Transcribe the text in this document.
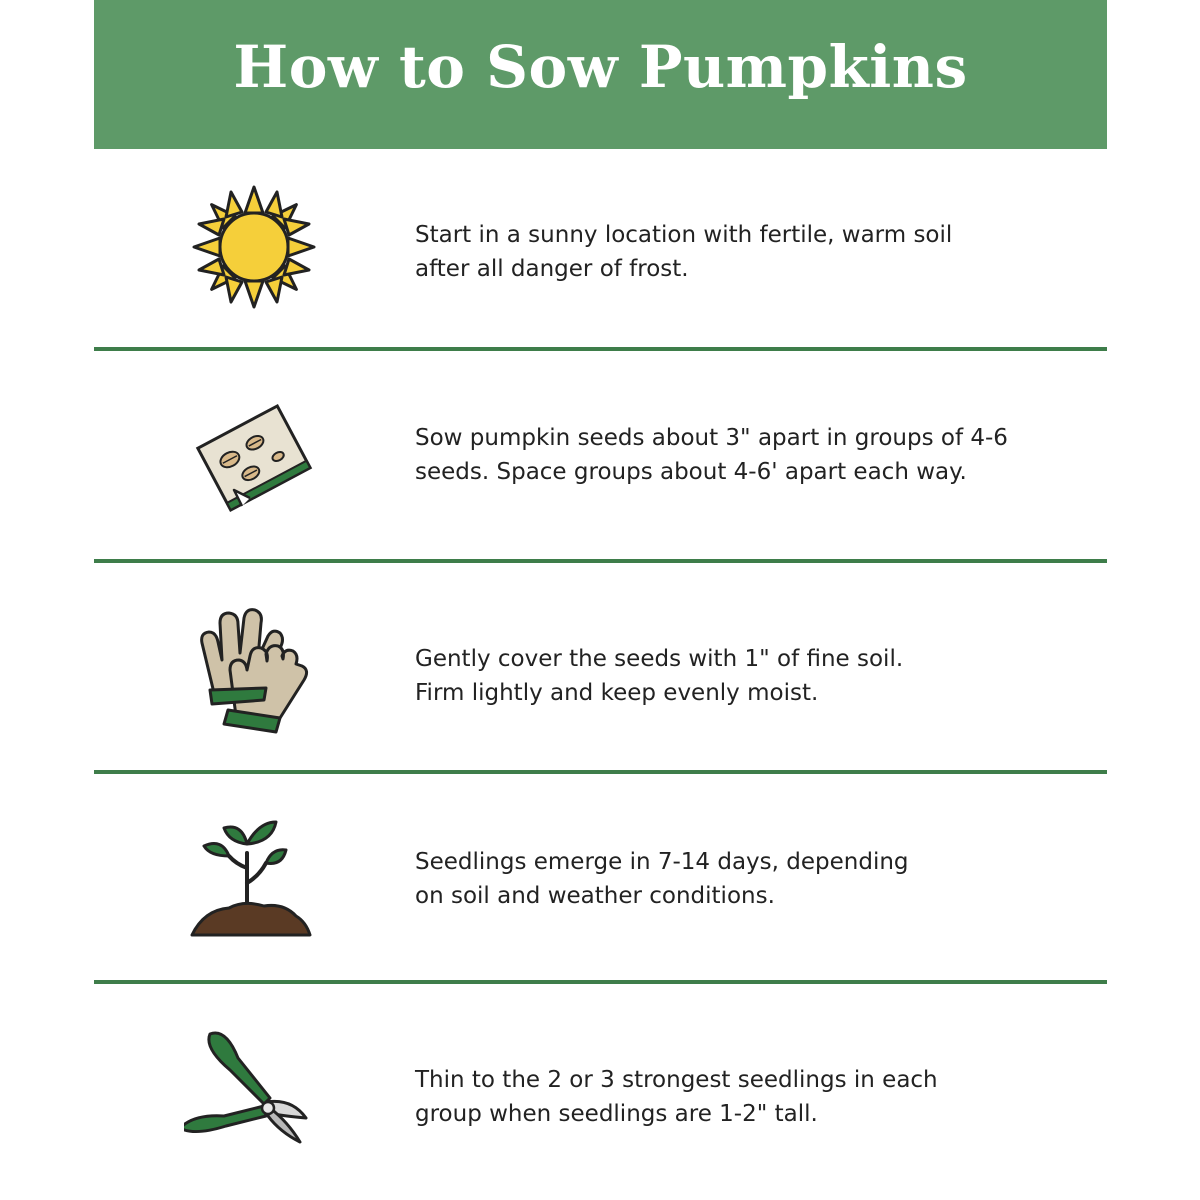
How to Sow Pumpkins
Start in a sunny location with fertile, warm soil
after all danger of frost.
Sow pumpkin seeds about 3" apart in groups of 4-6
seeds. Space groups about 4-6' apart each way.
Gently cover the seeds with 1" of fine soil.
Firm lightly and keep evenly moist.
Seedlings emerge in 7-14 days, depending
on soil and weather conditions.
Thin to the 2 or 3 strongest seedlings in each
group when seedlings are 1-2" tall.
